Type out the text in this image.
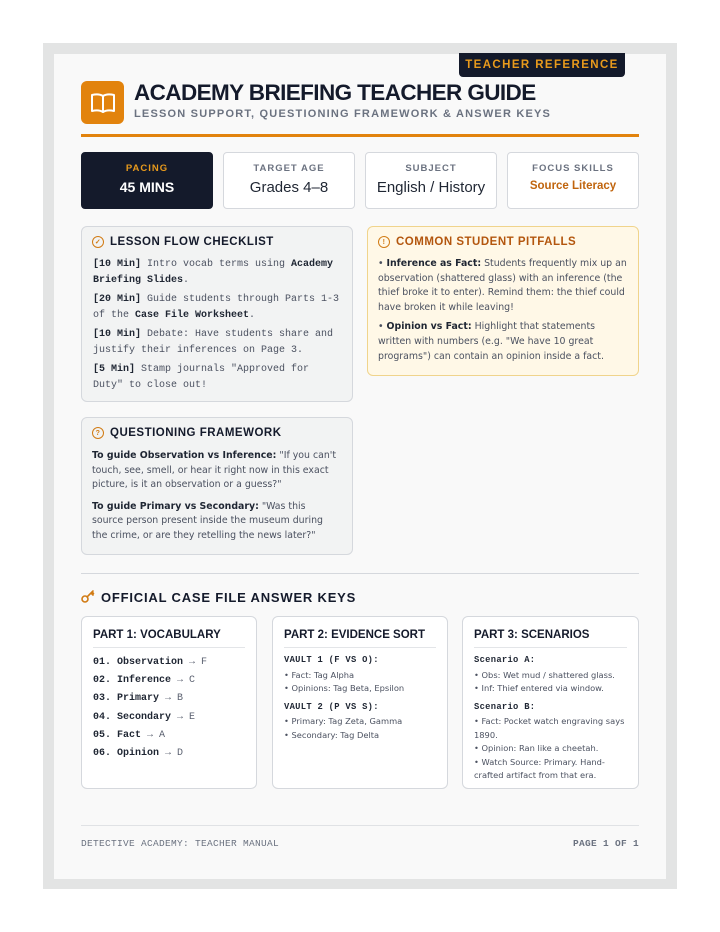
TEACHER REFERENCE
ACADEMY BRIEFING TEACHER GUIDE
LESSON SUPPORT, QUESTIONING FRAMEWORK & ANSWER KEYS
PACING
45 MINS
TARGET AGE
Grades 4–8
SUBJECT
English / History
FOCUS SKILLS
Source Literacy
✓ LESSON FLOW CHECKLIST

[10 Min] Intro vocab terms using Academy Briefing Slides.

[20 Min] Guide students through Parts 1-3 of the Case File Worksheet.

[10 Min] Debate: Have students share and justify their inferences on Page 3.

[5 Min] Stamp journals "Approved for Duty" to close out!

! COMMON STUDENT PITFALLS

• Inference as Fact: Students frequently mix up an observation (shattered glass) with an inference (the thief broke it to enter). Remind them: the thief could have broken it while leaving!

• Opinion vs Fact: Highlight that statements written with numbers (e.g. "We have 10 great programs") can contain an opinion inside a fact.

? QUESTIONING FRAMEWORK

To guide Observation vs Inference: "If you can't touch, see, smell, or hear it right now in this exact picture, is it an observation or a guess?"

To guide Primary vs Secondary: "Was this source person present inside the museum during the crime, or are they retelling the news later?"

OFFICIAL CASE FILE ANSWER KEYS
PART 1: VOCABULARY
01. Observation → F
02. Inference → C
03. Primary → B
04. Secondary → E
05. Fact → A
06. Opinion → D
PART 2: EVIDENCE SORT
VAULT 1 (F VS O):
• Fact: Tag Alpha
• Opinions: Tag Beta, Epsilon
VAULT 2 (P VS S):
• Primary: Tag Zeta, Gamma
• Secondary: Tag Delta
PART 3: SCENARIOS
Scenario A:
• Obs: Wet mud / shattered glass.
• Inf: Thief entered via window.
Scenario B:
• Fact: Pocket watch engraving says 1890.
• Opinion: Ran like a cheetah.
• Watch Source: Primary. Hand-crafted artifact from that era.
DETECTIVE ACADEMY: TEACHER MANUAL	PAGE 1 OF 1
